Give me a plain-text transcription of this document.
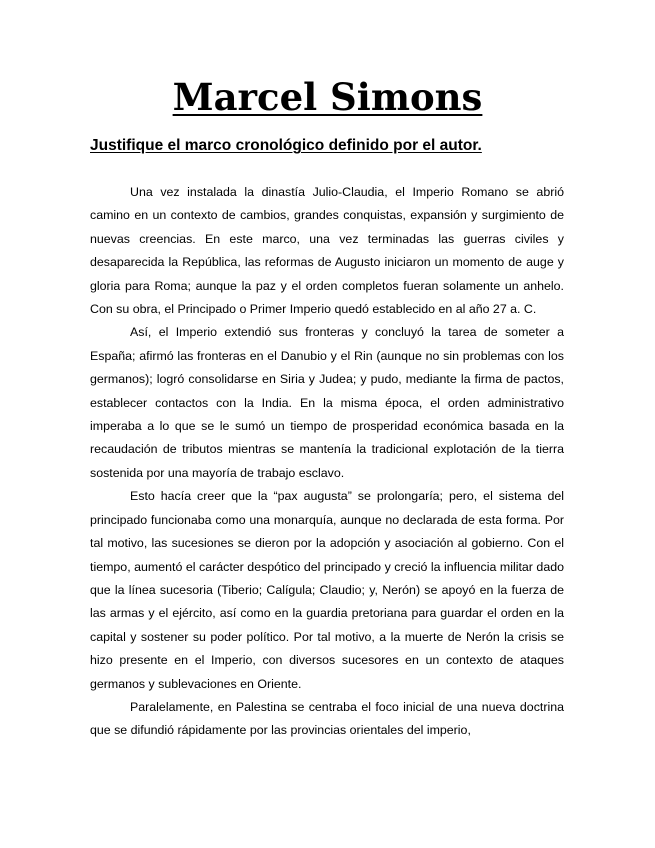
Marcel Simons
Justifique el marco cronológico definido por el autor.

Una vez instalada la dinastía Julio-Claudia, el Imperio Romano se abrió camino en un contexto de cambios, grandes conquistas, expansión y surgimiento de nuevas creencias. En este marco, una vez terminadas las guerras civiles y desaparecida la República, las reformas de Augusto iniciaron un momento de auge y gloria para Roma; aunque la paz y el orden completos fueran solamente un anhelo. Con su obra, el Principado o Primer Imperio quedó establecido en al año 27 a. C.

Así, el Imperio extendió sus fronteras y concluyó la tarea de someter a España; afirmó las fronteras en el Danubio y el Rin (aunque no sin problemas con los germanos); logró consolidarse en Siria y Judea; y pudo, mediante la firma de pactos, establecer contactos con la India. En la misma época, el orden administrativo imperaba a lo que se le sumó un tiempo de prosperidad económica basada en la recaudación de tributos mientras se mantenía la tradicional explotación de la tierra sostenida por una mayoría de trabajo esclavo.

Esto hacía creer que la “pax augusta” se prolongaría; pero, el sistema del principado funcionaba como una monarquía, aunque no declarada de esta forma. Por tal motivo, las sucesiones se dieron por la adopción y asociación al gobierno. Con el tiempo, aumentó el carácter despótico del principado y creció la influencia militar dado que la línea sucesoria (Tiberio; Calígula; Claudio; y, Nerón) se apoyó en la fuerza de las armas y el ejército, así como en la guardia pretoriana para guardar el orden en la capital y sostener su poder político. Por tal motivo, a la muerte de Nerón la crisis se hizo presente en el Imperio, con diversos sucesores en un contexto de ataques germanos y sublevaciones en Oriente.

Paralelamente, en Palestina se centraba el foco inicial de una nueva doctrina que se difundió rápidamente por las provincias orientales del imperio,
